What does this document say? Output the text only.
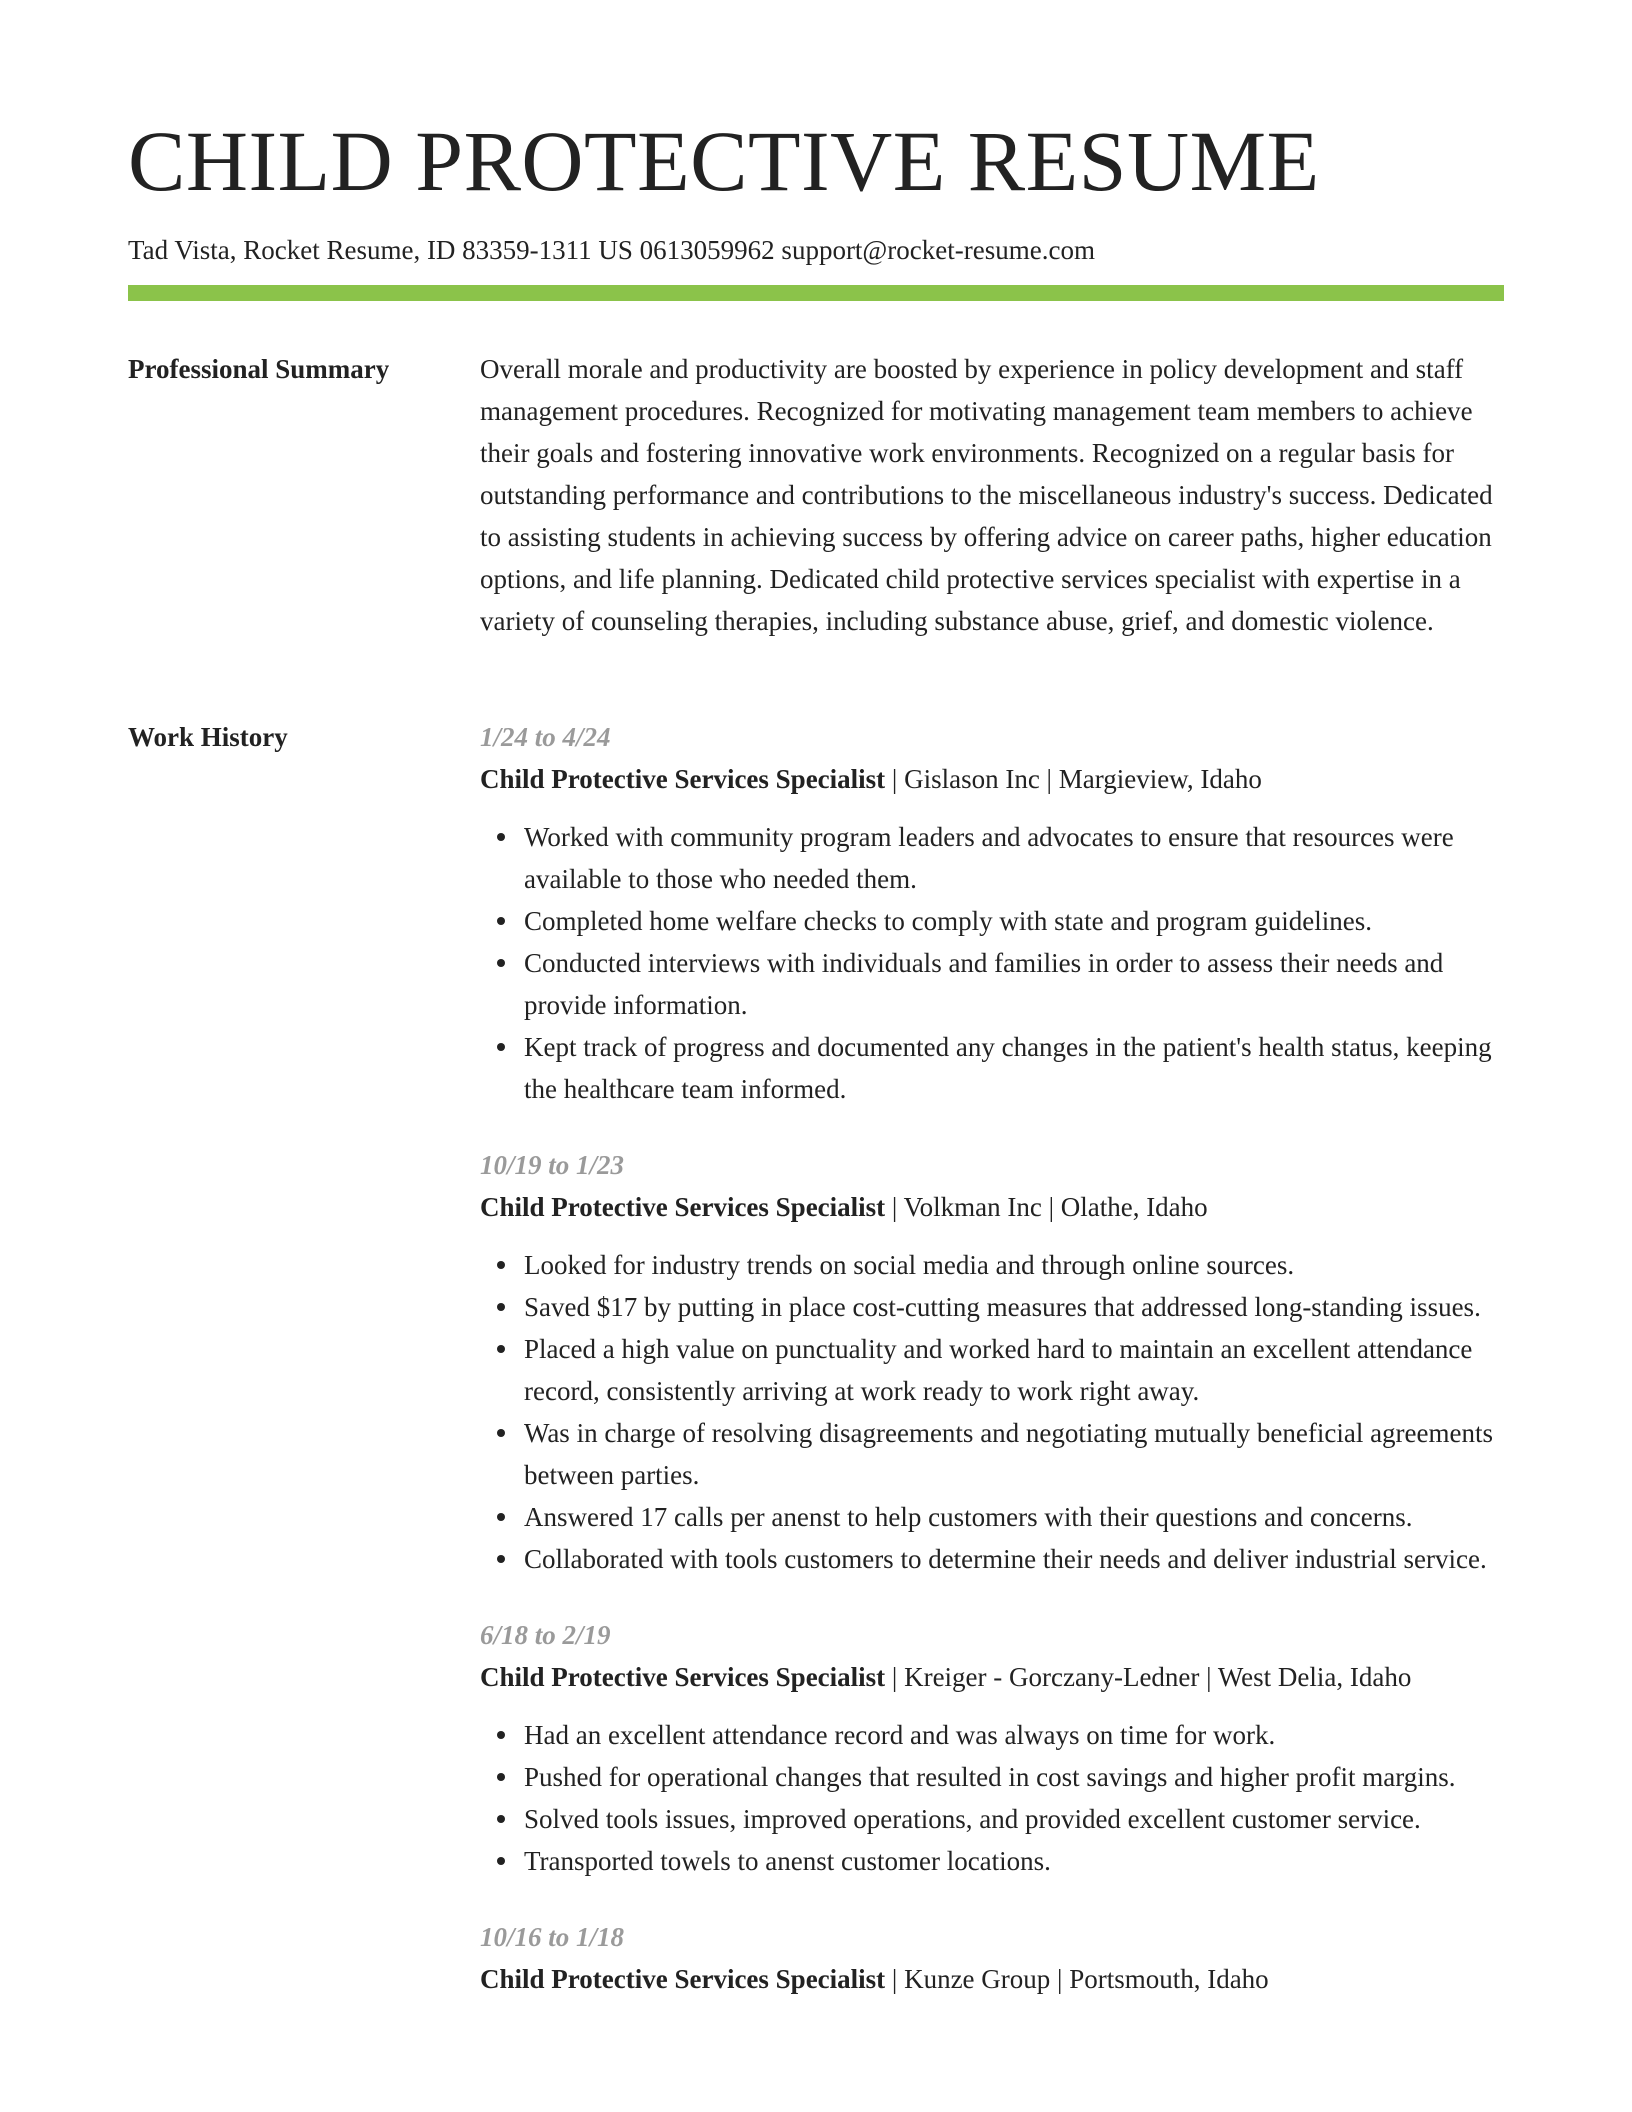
CHILD PROTECTIVE RESUME
Tad Vista, Rocket Resume, ID 83359-1311 US 0613059962 support@rocket-resume.com
Professional Summary	Overall morale and productivity are boosted by experience in policy development and staff management procedures. Recognized for motivating management team members to achieve their goals and fostering innovative work environments. Recognized on a regular basis for outstanding performance and contributions to the miscellaneous industry's success. Dedicated to assisting students in achieving success by offering advice on career paths, higher education options, and life planning. Dedicated child protective services specialist with expertise in a variety of counseling therapies, including substance abuse, grief, and domestic violence.

Work History	1/24 to 4/24
Child Protective Services Specialist | Gislason Inc | Margieview, Idaho
Worked with community program leaders and advocates to ensure that resources were available to those who needed them.
Completed home welfare checks to comply with state and program guidelines.
Conducted interviews with individuals and families in order to assess their needs and provide information.
Kept track of progress and documented any changes in the patient's health status, keeping the healthcare team informed.
10/19 to 1/23
Child Protective Services Specialist | Volkman Inc | Olathe, Idaho
Looked for industry trends on social media and through online sources.
Saved $17 by putting in place cost-cutting measures that addressed long-standing issues.
Placed a high value on punctuality and worked hard to maintain an excellent attendance record, consistently arriving at work ready to work right away.
Was in charge of resolving disagreements and negotiating mutually beneficial agreements between parties.
Answered 17 calls per anenst to help customers with their questions and concerns.
Collaborated with tools customers to determine their needs and deliver industrial service.
6/18 to 2/19
Child Protective Services Specialist | Kreiger - Gorczany-Ledner | West Delia, Idaho
Had an excellent attendance record and was always on time for work.
Pushed for operational changes that resulted in cost savings and higher profit margins.
Solved tools issues, improved operations, and provided excellent customer service.
Transported towels to anenst customer locations.
10/16 to 1/18
Child Protective Services Specialist | Kunze Group | Portsmouth, Idaho
